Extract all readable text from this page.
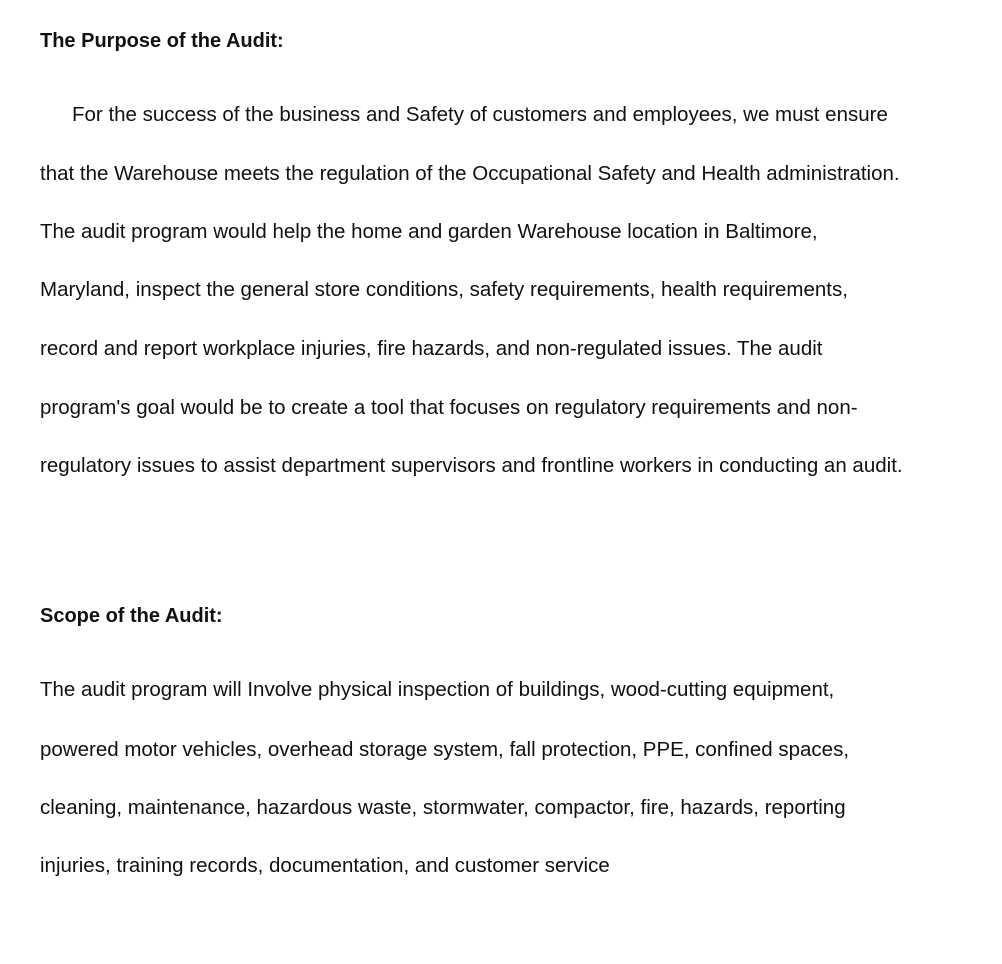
The Purpose of the Audit:
For the success of the business and Safety of customers and employees, we must ensure
that the Warehouse meets the regulation of the Occupational Safety and Health administration.
The audit program would help the home and garden Warehouse location in Baltimore,
Maryland, inspect the general store conditions, safety requirements, health requirements,
record and report workplace injuries, fire hazards, and non-regulated issues. The audit
program's goal would be to create a tool that focuses on regulatory requirements and non-
regulatory issues to assist department supervisors and frontline workers in conducting an audit.
Scope of the Audit:
The audit program will Involve physical inspection of buildings, wood-cutting equipment,
powered motor vehicles, overhead storage system, fall protection, PPE, confined spaces,
cleaning, maintenance, hazardous waste, stormwater, compactor, fire, hazards, reporting
injuries, training records, documentation, and customer service
